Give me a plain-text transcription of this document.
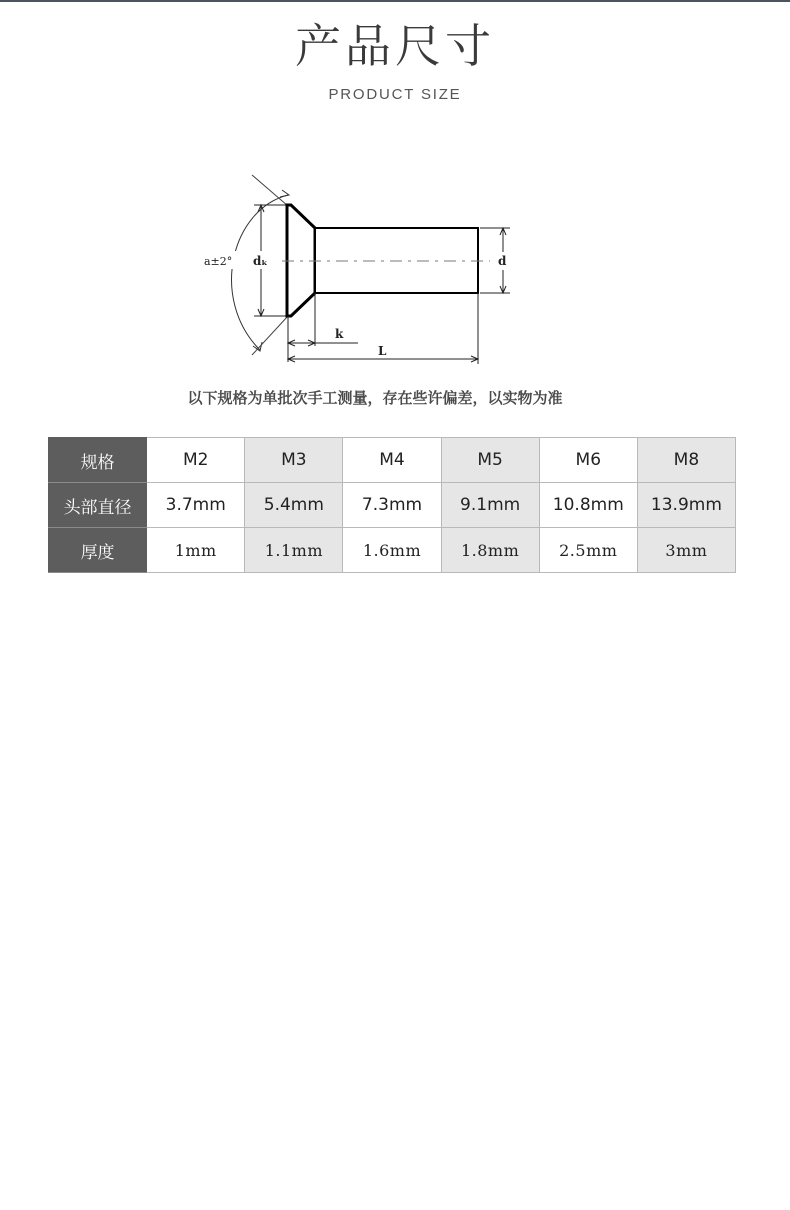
产品尺寸
PRODUCT SIZE
a±2° dₖ	d
k
L
以下规格为单批次手工测量，存在些许偏差，以实物为准
规格	M2	M3	M4	M5	M6	M8
头部直径	3.7mm	5.4mm	7.3mm	9.1mm	10.8mm	13.9mm
厚度	1mm	1.1mm	1.6mm	1.8mm	2.5mm	3mm
